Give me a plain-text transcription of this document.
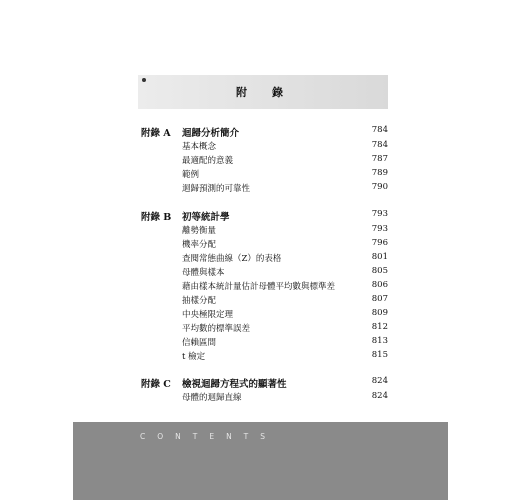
附　錄
附錄 A 迴歸分析簡介	784
基本概念	784
最適配的意義	787
範例	789
迴歸預測的可靠性	790
附錄 B 初等統計學	793
離勢衡量	793
機率分配	796
查閱常態曲線（Z）的表格	801
母體與樣本	805
藉由樣本統計量估計母體平均數與標準差	806
抽樣分配	807
中央極限定理	809
平均數的標準誤差	812
信賴區間	813
t 檢定	815
附錄 C 檢視迴歸方程式的顯著性	824
母體的迴歸直線	824
CONTENTS
